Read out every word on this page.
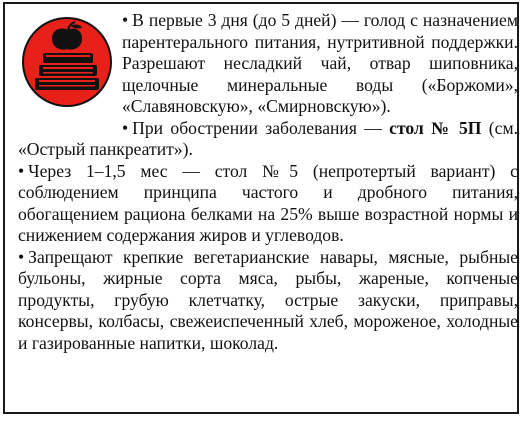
• В первые 3 дня (до 5 дней) — голод с назначением парентерального питания, нутритивной поддержки. Разрешают несладкий чай, отвар шиповника, щелочные минеральные воды («Боржоми», «Славяновскую», «Смирновскую»).

• При обострении заболевания — стол № 5П (см. «Острый панкреатит»).

• Через 1–1,5 мес — стол №5 (непротертый вариант) с соблюдением принципа частого и дробного питания, обогащением рациона белками на 25% выше возрастной нормы и снижением содержания жиров и углеводов.

• Запрещают крепкие вегетарианские навары, мясные, рыбные бульоны, жирные сорта мяса, рыбы, жареные, копченые продукты, грубую клетчатку, острые закуски, приправы, консервы, колбасы, свежеиспеченный хлеб, мороженое, холодные и газированные напитки, шоколад.
